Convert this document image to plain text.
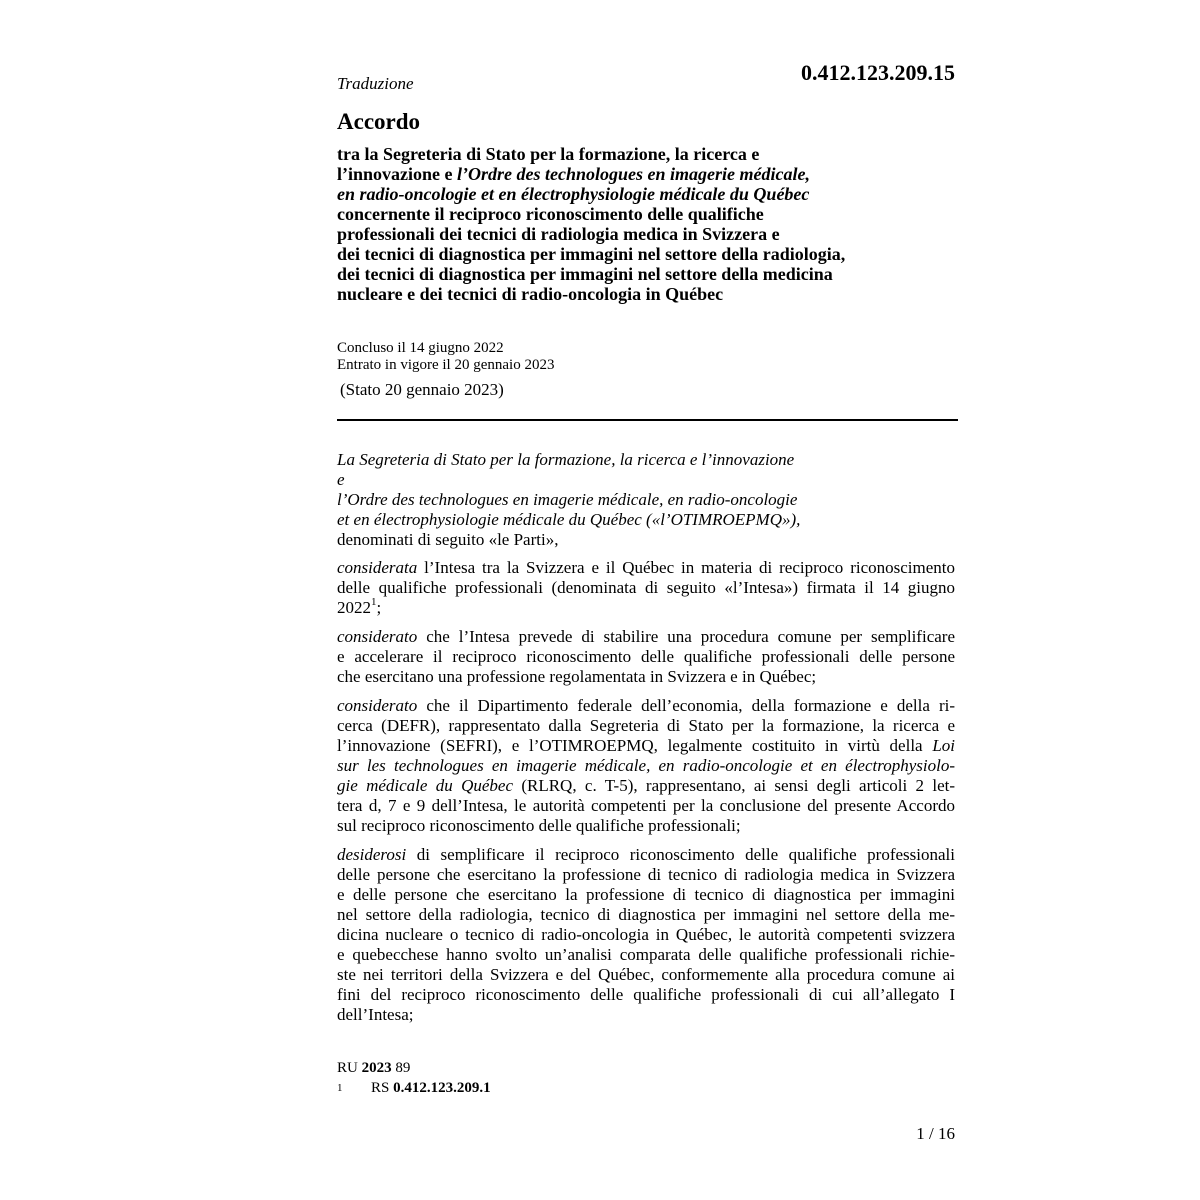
Traduzione	0.412.123.209.15
Accordo
tra la Segreteria di Stato per la formazione, la ricerca e
l’innovazione e l’Ordre des technologues en imagerie médicale,
en radio-oncologie et en électrophysiologie médicale du Québec
concernente il reciproco riconoscimento delle qualifiche
professionali dei tecnici di radiologia medica in Svizzera e
dei tecnici di diagnostica per immagini nel settore della radiologia,
dei tecnici di diagnostica per immagini nel settore della medicina
nucleare e dei tecnici di radio-oncologia in Québec
Concluso il 14 giugno 2022
Entrato in vigore il 20 gennaio 2023
(Stato 20 gennaio 2023)
La Segreteria di Stato per la formazione, la ricerca e l’innovazione
e
l’Ordre des technologues en imagerie médicale, en radio-oncologie
et en électrophysiologie médicale du Québec («l’OTIMROEPMQ»),
denominati di seguito «le Parti»,
considerata l’Intesa tra la Svizzera e il Québec in materia di reciproco riconoscimento
delle qualifiche professionali (denominata di seguito «l’Intesa») firmata il 14 giugno
2022$^1$;
considerato che l’Intesa prevede di stabilire una procedura comune per semplificare
e accelerare il reciproco riconoscimento delle qualifiche professionali delle persone
che esercitano una professione regolamentata in Svizzera e in Québec;
considerato che il Dipartimento federale dell’economia, della formazione e della ri-
cerca (DEFR), rappresentato dalla Segreteria di Stato per la formazione, la ricerca e
l’innovazione (SEFRI), e l’OTIMROEPMQ, legalmente costituito in virtù della Loi
sur les technologues en imagerie médicale, en radio-oncologie et en électrophysiolo-
gie médicale du Québec (RLRQ, c. T-5), rappresentano, ai sensi degli articoli 2 let-
tera d, 7 e 9 dell’Intesa, le autorità competenti per la conclusione del presente Accordo
sul reciproco riconoscimento delle qualifiche professionali;
desiderosi di semplificare il reciproco riconoscimento delle qualifiche professionali
delle persone che esercitano la professione di tecnico di radiologia medica in Svizzera
e delle persone che esercitano la professione di tecnico di diagnostica per immagini
nel settore della radiologia, tecnico di diagnostica per immagini nel settore della me-
dicina nucleare o tecnico di radio-oncologia in Québec, le autorità competenti svizzera
e quebecchese hanno svolto un’analisi comparata delle qualifiche professionali richie-
ste nei territori della Svizzera e del Québec, conformemente alla procedura comune ai
fini del reciproco riconoscimento delle qualifiche professionali di cui all’allegato I
dell’Intesa;
RU 2023 89
1 RS 0.412.123.209.1
1 / 16
